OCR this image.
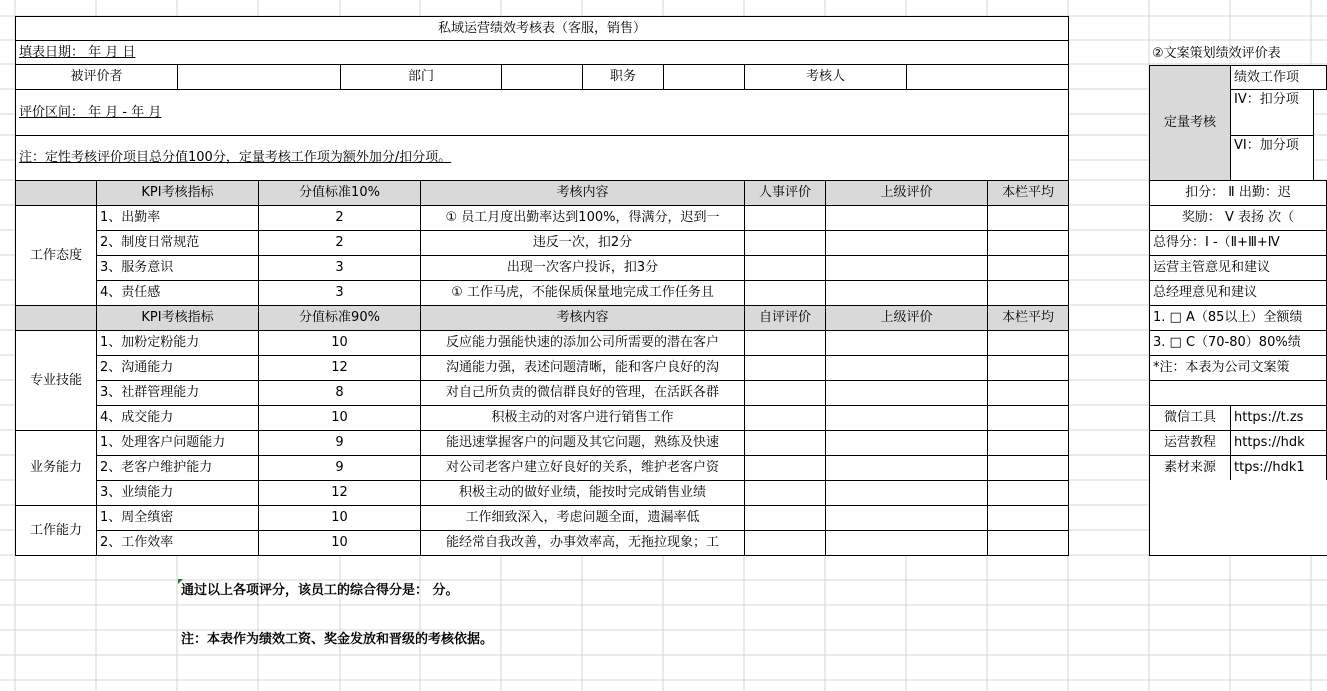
私域运营绩效考核表（客服，销售）
填表日期： 年 月 日
被评价者	部门	职务	考核人
评价区间： 年 月 - 年 月
注：定性考核评价项目总分值100分，定量考核工作项为额外加分/扣分项。
KPI考核指标	分值标准10%	考核内容	人事评价	上级评价	本栏平均
工作态度
1、出勤率	2	① 员工月度出勤率达到100%，得满分，迟到一
2、制度日常规范	2	违反一次，扣2分
3、服务意识	3	出现一次客户投诉，扣3分
4、责任感	3	① 工作马虎，不能保质保量地完成工作任务且
KPI考核指标	分值标准90%	考核内容	自评评价	上级评价	本栏平均
专业技能
1、加粉定粉能力	10	反应能力强能快速的添加公司所需要的潜在客户
2、沟通能力	12	沟通能力强，表述问题清晰，能和客户良好的沟
3、社群管理能力	8	对自己所负责的微信群良好的管理，在活跃各群
4、成交能力	10	积极主动的对客户进行销售工作
业务能力
1、处理客户问题能力	9	能迅速掌握客户的问题及其它问题，熟练及快速
2、老客户维护能力	9	对公司老客户建立好良好的关系，维护老客户资
3、业绩能力	12	积极主动的做好业绩，能按时完成销售业绩
工作能力
1、周全缜密	10	工作细致深入，考虑问题全面，遗漏率低
2、工作效率	10	能经常自我改善，办事效率高，无拖拉现象；工
通过以上各项评分，该员工的综合得分是： 分。
注：本表作为绩效工资、奖金发放和晋级的考核依据。
②文案策划绩效评价表
定量考核
绩效工作项
IV：扣分项
VI：加分项
扣分： Ⅱ 出勤：迟
奖励： Ⅴ 表扬 次（
总得分：Ⅰ -（Ⅱ+Ⅲ+Ⅳ
运营主管意见和建议
总经理意见和建议
1. □ A（85以上）全额绩
3. □ C（70-80）80%绩
*注：本表为公司文案策
微信工具	https://t.zs
运营教程	https://hdk
素材来源	ttps://hdk1
